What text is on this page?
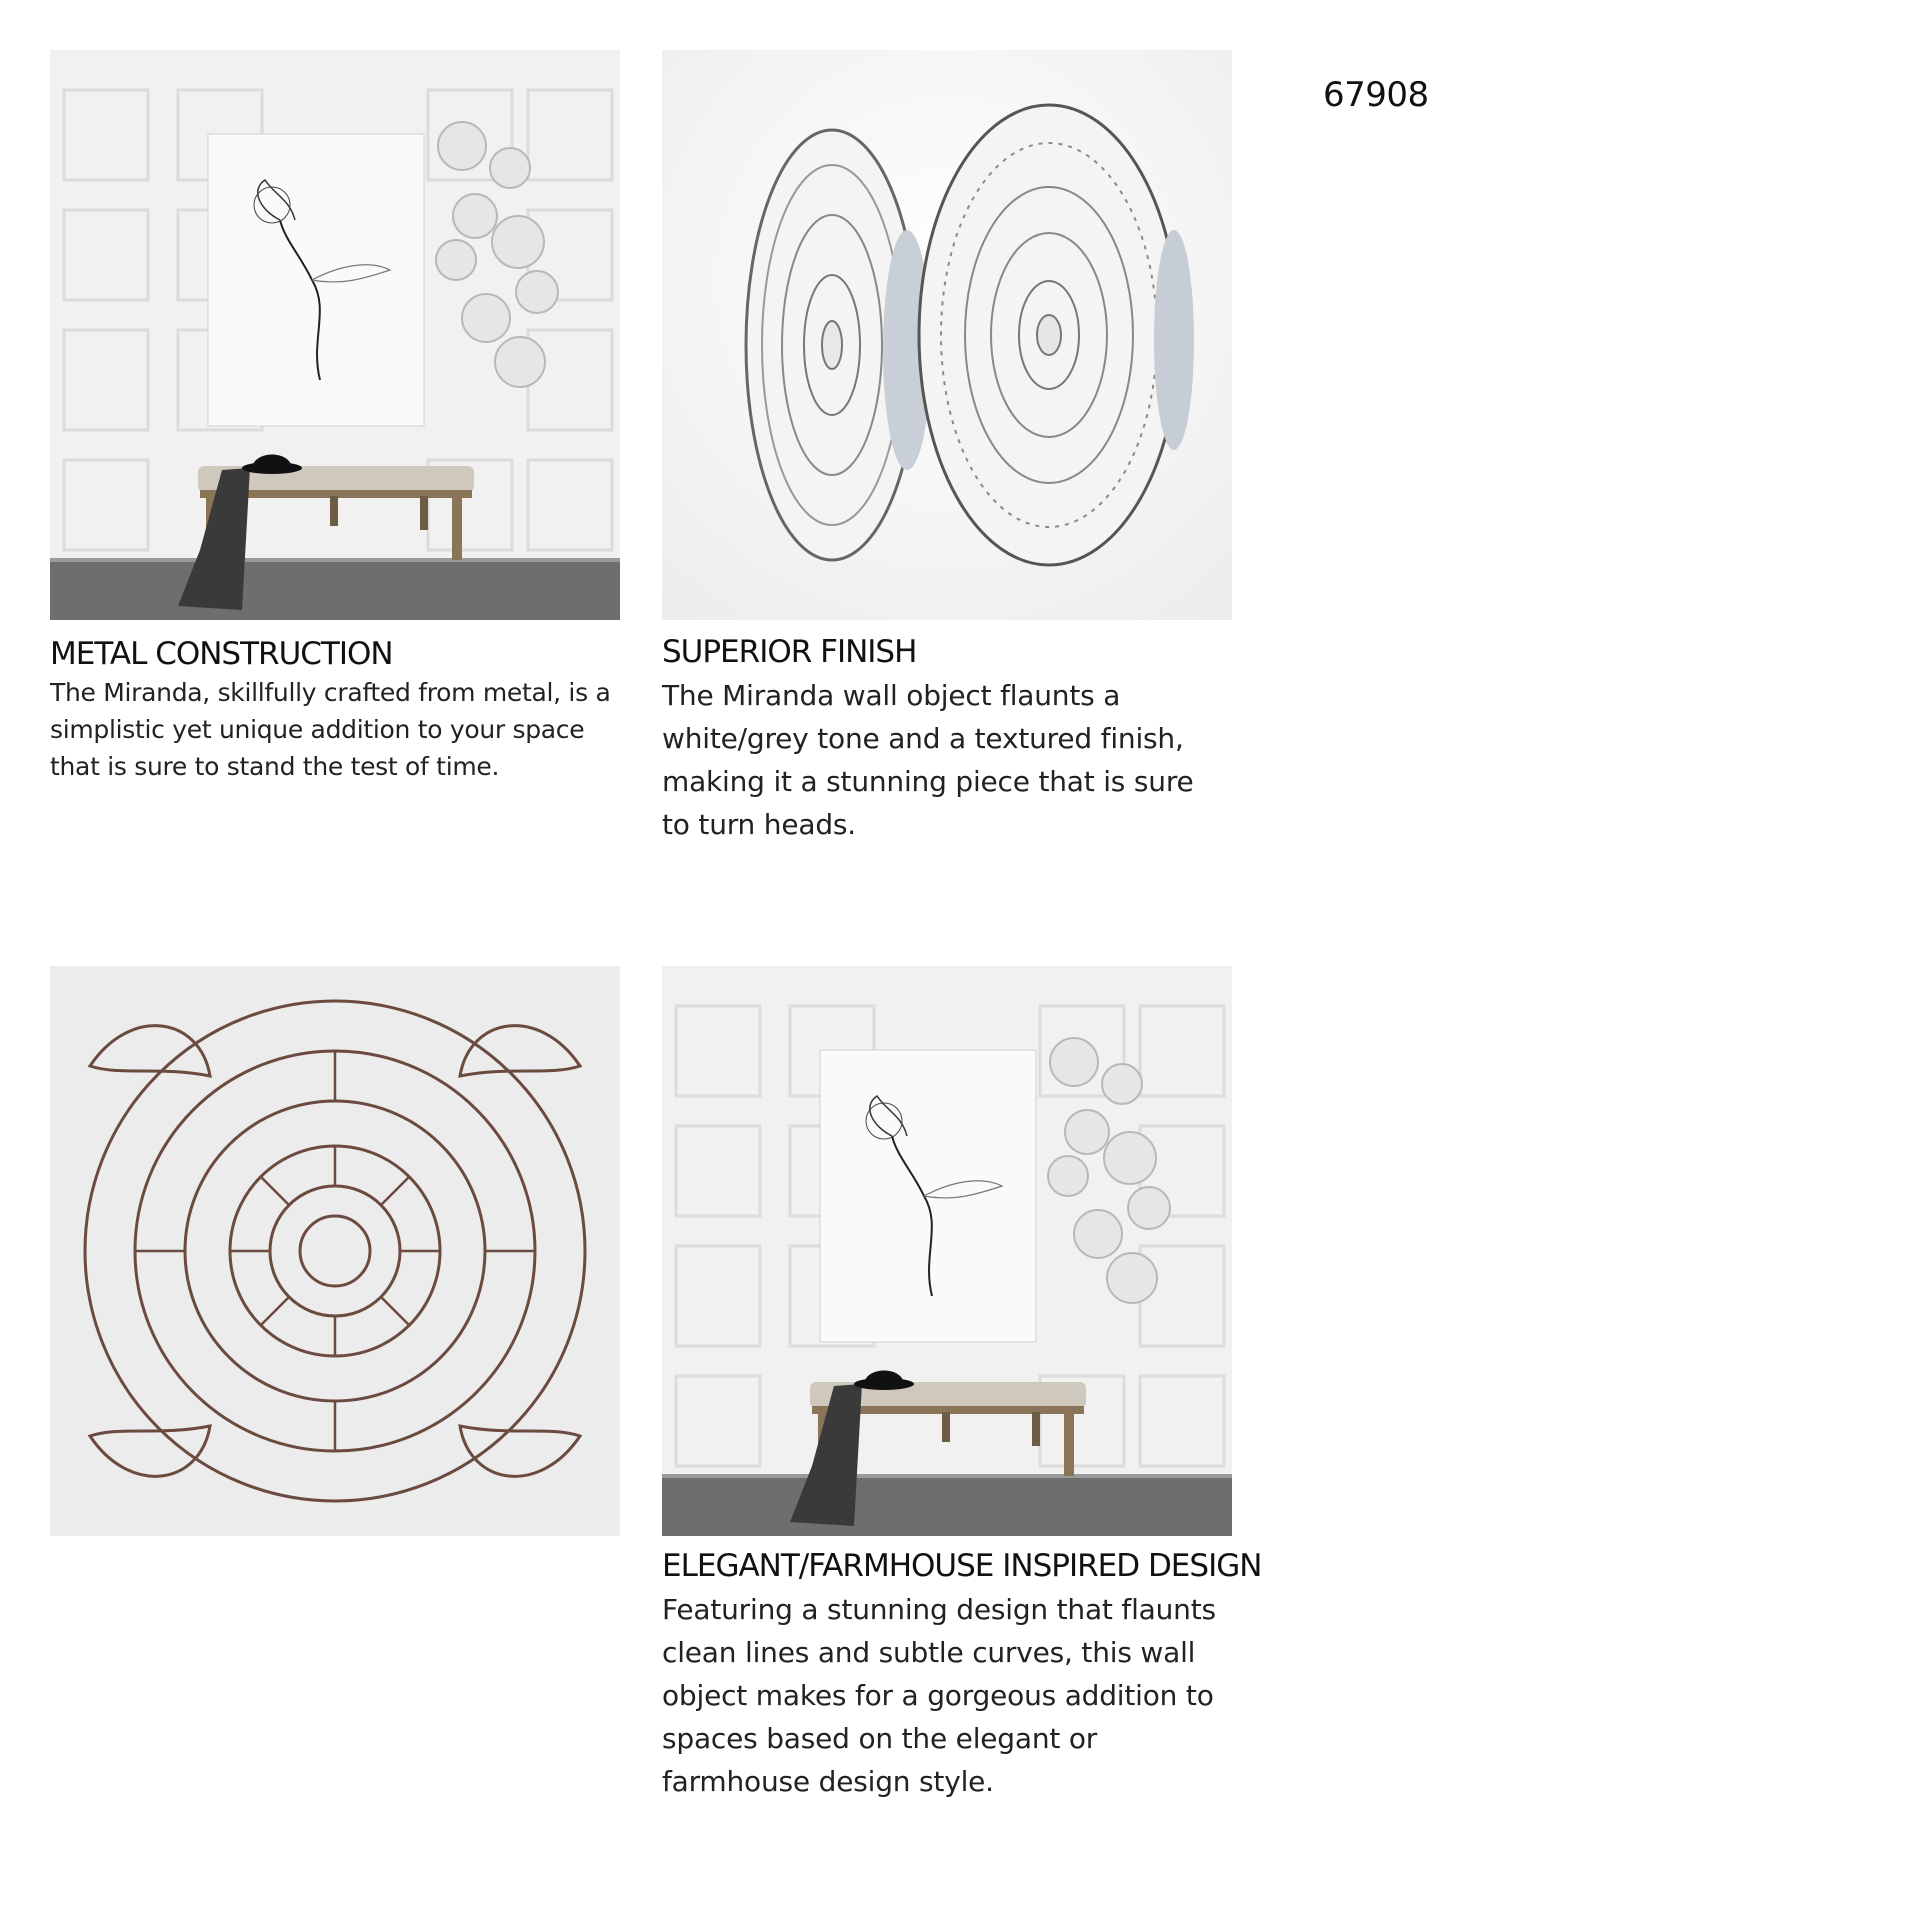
67908
METAL CONSTRUCTION
The Miranda, skillfully crafted from metal, is a
simplistic yet unique addition to your space
that is sure to stand the test of time.
SUPERIOR FINISH
The Miranda wall object flaunts a
white/grey tone and a textured finish,
making it a stunning piece that is sure
to turn heads.
ELEGANT/FARMHOUSE INSPIRED DESIGN
Featuring a stunning design that flaunts
clean lines and subtle curves, this wall
object makes for a gorgeous addition to
spaces based on the elegant or
farmhouse design style.
